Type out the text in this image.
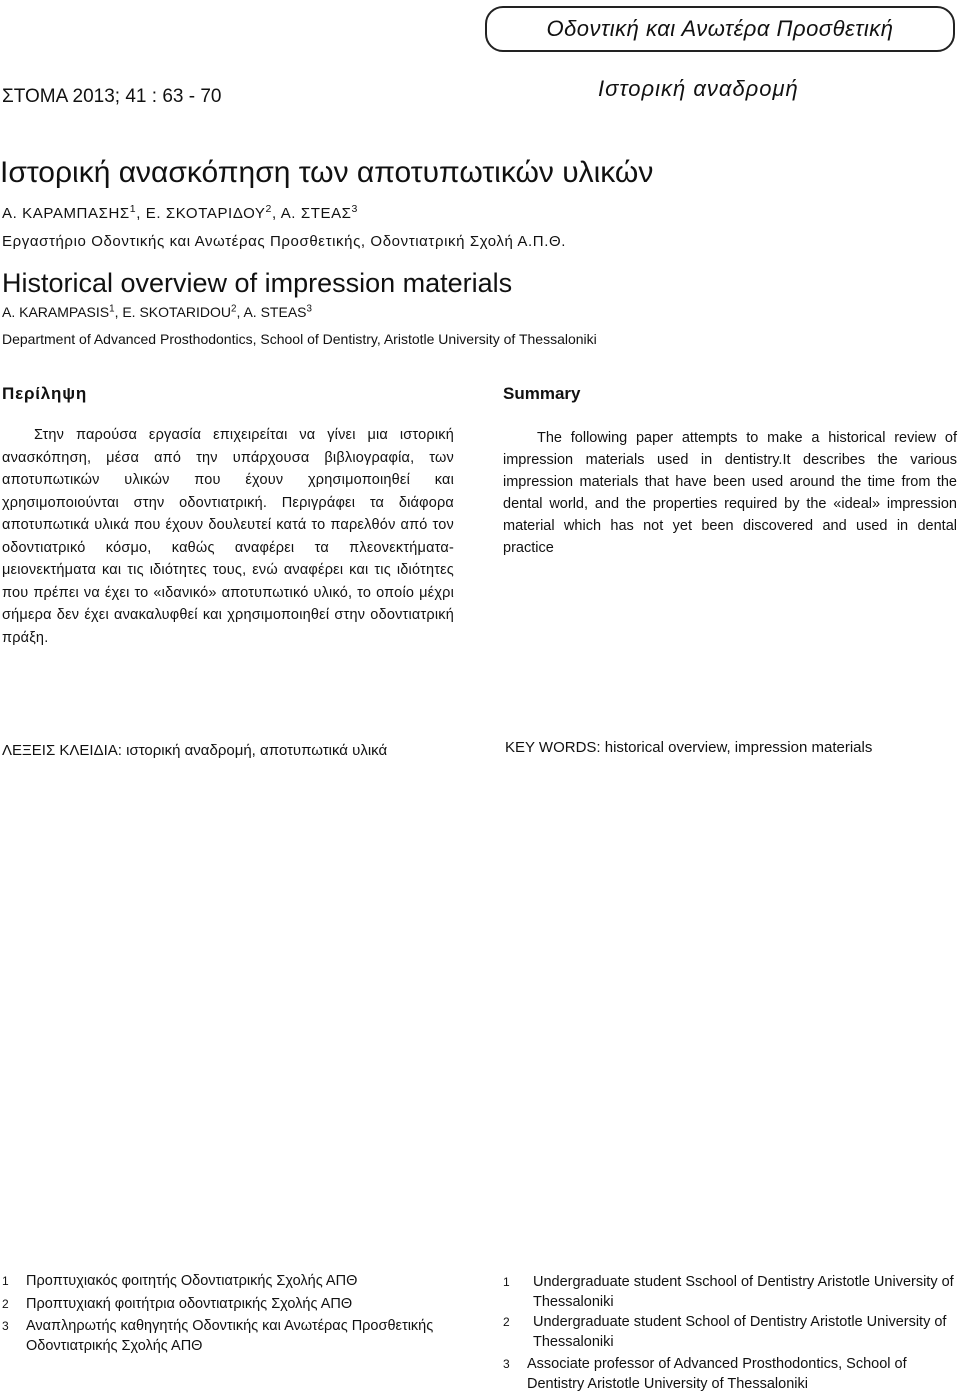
Οδοντική και Ανωτέρα Προσθετική
ΣΤΟΜΑ 2013; 41 : 63 - 70	Ιστορική αναδρομή
Ιστορική ανασκόπηση των αποτυπωτικών υλικών
Α. ΚΑΡΑΜΠΑΣΗΣ$^1$, Ε. ΣΚΟΤΑΡΙΔΟΥ$^2$, Α. ΣΤΕΑΣ$^3$
Εργαστήριο Οδοντικής και Ανωτέρας Προσθετικής, Οδοντιατρική Σχολή Α.Π.Θ.
Historical overview of impression materials
A. KARAMPASIS$^1$, E. SKOTARIDOU$^2$, A. STEAS$^3$
Department of Advanced Prosthodontics, School of Dentistry, Aristotle University of Thessaloniki
Περίληψη	Summary

Στην παρούσα εργασία επιχειρείται να γίνει μια ιστορική ανασκόπηση, μέσα από την υπάρχουσα βιβλιογραφία, των αποτυπωτικών υλικών που έχουν χρησιμοποιηθεί και χρησιμοποιούνται στην οδοντιατρική. Περιγράφει τα διάφορα αποτυπωτικά υλικά που έχουν δουλευτεί κατά το παρελθόν από τον οδοντιατρικό κόσμο, καθώς αναφέρει τα πλεονεκτήματα-μειονεκτήματα και τις ιδιότητες τους, ενώ αναφέρει και τις ιδιότητες που πρέπει να έχει το «ιδανικό» αποτυπωτικό υλικό, το οποίο μέχρι σήμερα δεν έχει ανακαλυφθεί και χρησιμοποιηθεί στην οδοντιατρική πράξη.

The following paper attempts to make a historical review of impression materials used in dentistry.It describes the various impression materials that have been used around the time from the dental world, and the properties required by the «ideal» impression material which has not yet been discovered and used in dental practice

ΛΕΞΕΙΣ ΚΛΕΙΔΙΑ: ιστορική αναδρομή, αποτυπωτικά υλικά	KEY WORDS: historical overview, impression materials
1	Προπτυχιακός φοιτητής Οδοντιατρικής Σχολής ΑΠΘ
2	Προπτυχιακή φοιτήτρια οδοντιατρικής Σχολής ΑΠΘ
3	Αναπληρωτής καθηγητής Οδοντικής και Ανωτέρας Προσθετικής Οδοντιατρικής Σχολής ΑΠΘ
1	Undergraduate student Sschool of Dentistry Aristotle University of Thessaloniki
2	Undergraduate student School of Dentistry Aristotle University of Thessaloniki
3	Associate professor of Advanced Prosthodontics, School of Dentistry Aristotle University of Thessaloniki
